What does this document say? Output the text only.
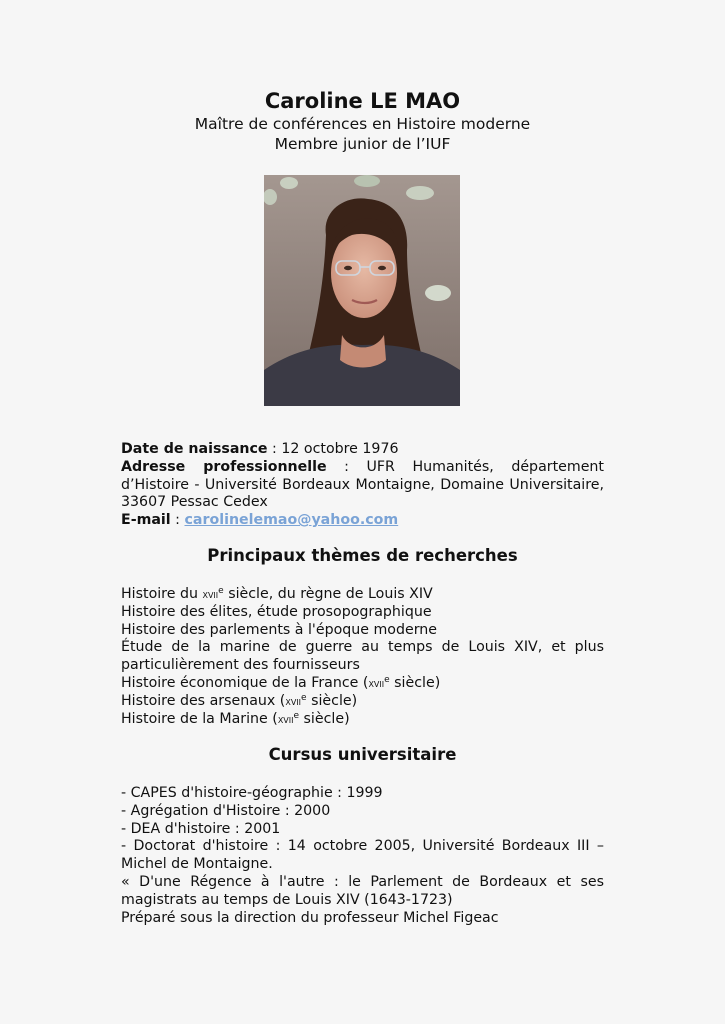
Caroline LE MAO

Maître de conférences en Histoire moderne

Membre junior de l’IUF

Date de naissance : 12 octobre 1976

Adresse professionnelle : UFR Humanités, département d’Histoire - Université Bordeaux Montaigne, Domaine Universitaire, 33607 Pessac Cedex

E-mail : carolinelemao@yahoo.com

Principaux thèmes de recherches
Histoire du xvii$^e$ siècle, du règne de Louis XIV
Histoire des élites, étude prosopographique
Histoire des parlements à l'époque moderne
Étude de la marine de guerre au temps de Louis XIV, et plus particulièrement des fournisseurs
Histoire économique de la France (xvii$^e$ siècle)
Histoire des arsenaux (xvii$^e$ siècle)
Histoire de la Marine (xvii$^e$ siècle)
Cursus universitaire
- CAPES d'histoire-géographie : 1999
- Agrégation d'Histoire : 2000
- DEA d'histoire : 2001
- Doctorat d'histoire : 14 octobre 2005, Université Bordeaux III – Michel de Montaigne.
« D'une Régence à l'autre : le Parlement de Bordeaux et ses magistrats au temps de Louis XIV (1643-1723)
Préparé sous la direction du professeur Michel Figeac
